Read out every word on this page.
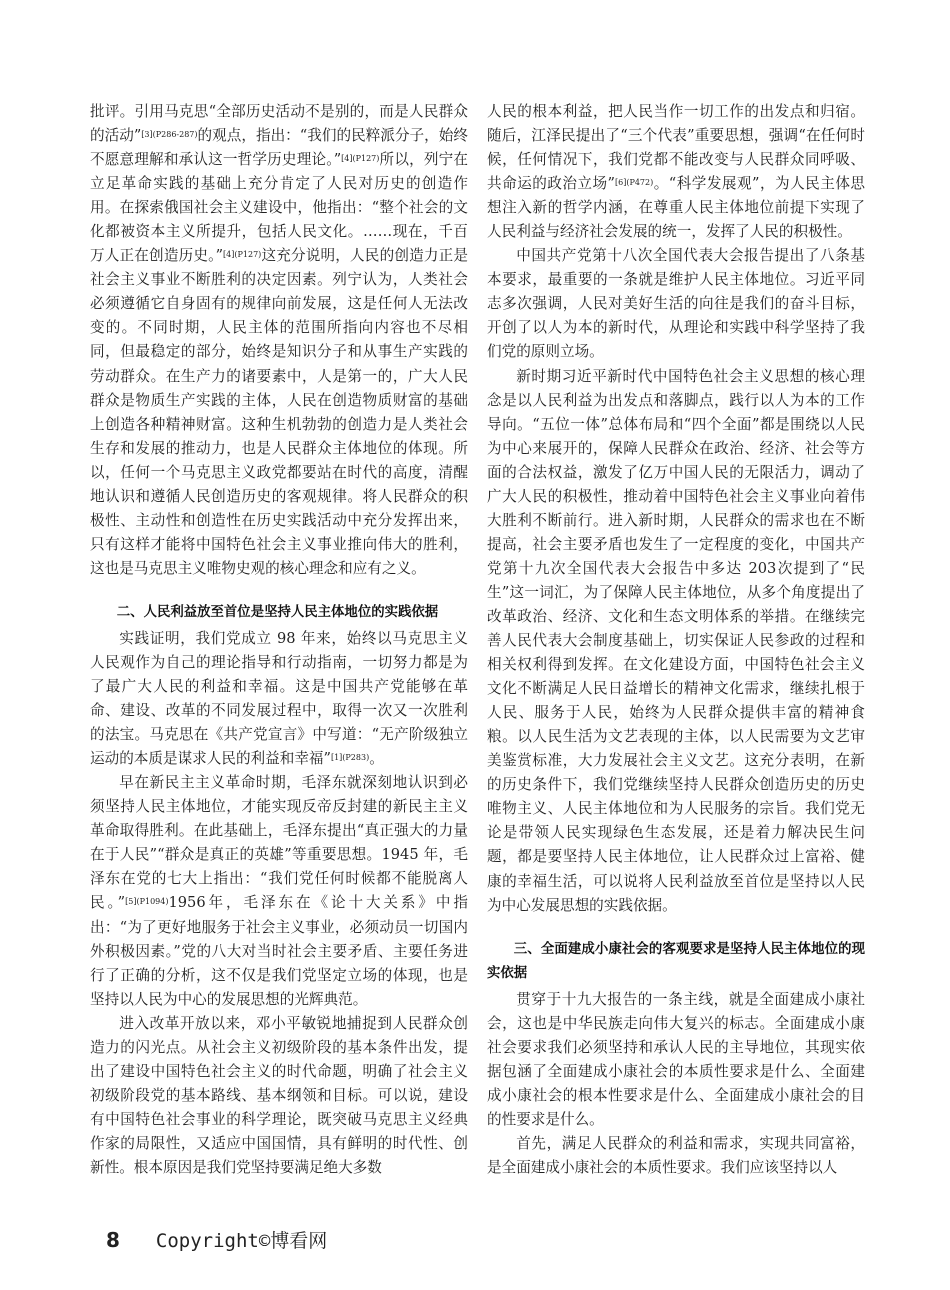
批评。引用马克思“全部历史活动不是别的，而是人民群众的活动”$^{[3](P286-287)}$的观点，指出：“我们的民粹派分子，始终不愿意理解和承认这一哲学历史理论。”$^{[4](P127)}$所以，列宁在立足革命实践的基础上充分肯定了人民对历史的创造作用。在探索俄国社会主义建设中，他指出：“整个社会的文化都被资本主义所提升，包括人民文化。……现在，千百万人正在创造历史。”$^{[4](P127)}$这充分说明，人民的创造力正是社会主义事业不断胜利的决定因素。列宁认为，人类社会必须遵循它自身固有的规律向前发展，这是任何人无法改变的。不同时期，人民主体的范围所指向内容也不尽相同，但最稳定的部分，始终是知识分子和从事生产实践的劳动群众。在生产力的诸要素中，人是第一的，广大人民群众是物质生产实践的主体，人民在创造物质财富的基础上创造各种精神财富。这种生机勃勃的创造力是人类社会生存和发展的推动力，也是人民群众主体地位的体现。所以，任何一个马克思主义政党都要站在时代的高度，清醒地认识和遵循人民创造历史的客观规律。将人民群众的积极性、主动性和创造性在历史实践活动中充分发挥出来，只有这样才能将中国特色社会主义事业推向伟大的胜利，这也是马克思主义唯物史观的核心理念和应有之义。

二、人民利益放至首位是坚持人民主体地位的实践依据

实践证明，我们党成立 98 年来，始终以马克思主义人民观作为自己的理论指导和行动指南，一切努力都是为了最广大人民的利益和幸福。这是中国共产党能够在革命、建设、改革的不同发展过程中，取得一次又一次胜利的法宝。马克思在《共产党宣言》中写道：“无产阶级独立运动的本质是谋求人民的利益和幸福”$^{[1](P283)}$。

早在新民主主义革命时期，毛泽东就深刻地认识到必须坚持人民主体地位，才能实现反帝反封建的新民主主义革命取得胜利。在此基础上，毛泽东提出“真正强大的力量在于人民”“群众是真正的英雄”等重要思想。1945 年，毛泽东在党的七大上指出：“我们党任何时候都不能脱离人民。”$^{[5](P1094)}$1956年，毛泽东在《论十大关系》中指出：“为了更好地服务于社会主义事业，必须动员一切国内外积极因素。”党的八大对当时社会主要矛盾、主要任务进行了正确的分析，这不仅是我们党坚定立场的体现，也是坚持以人民为中心的发展思想的光辉典范。

进入改革开放以来，邓小平敏锐地捕捉到人民群众创造力的闪光点。从社会主义初级阶段的基本条件出发，提出了建设中国特色社会主义的时代命题，明确了社会主义初级阶段党的基本路线、基本纲领和目标。可以说，建设有中国特色社会事业的科学理论，既突破马克思主义经典作家的局限性，又适应中国国情，具有鲜明的时代性、创新性。根本原因是我们党坚持要满足绝大多数

人民的根本利益，把人民当作一切工作的出发点和归宿。随后，江泽民提出了“三个代表”重要思想，强调“在任何时候，任何情况下，我们党都不能改变与人民群众同呼吸、共命运的政治立场”$^{[6](P472)}$。“科学发展观”，为人民主体思想注入新的哲学内涵，在尊重人民主体地位前提下实现了人民利益与经济社会发展的统一，发挥了人民的积极性。

中国共产党第十八次全国代表大会报告提出了八条基本要求，最重要的一条就是维护人民主体地位。习近平同志多次强调，人民对美好生活的向往是我们的奋斗目标，开创了以人为本的新时代，从理论和实践中科学坚持了我们党的原则立场。

新时期习近平新时代中国特色社会主义思想的核心理念是以人民利益为出发点和落脚点，践行以人为本的工作导向。“五位一体”总体布局和“四个全面”都是围绕以人民为中心来展开的，保障人民群众在政治、经济、社会等方面的合法权益，激发了亿万中国人民的无限活力，调动了广大人民的积极性，推动着中国特色社会主义事业向着伟大胜利不断前行。进入新时期，人民群众的需求也在不断提高，社会主要矛盾也发生了一定程度的变化，中国共产党第十九次全国代表大会报告中多达 203次提到了“民生”这一词汇，为了保障人民主体地位，从多个角度提出了改革政治、经济、文化和生态文明体系的举措。在继续完善人民代表大会制度基础上，切实保证人民参政的过程和相关权利得到发挥。在文化建设方面，中国特色社会主义文化不断满足人民日益增长的精神文化需求，继续扎根于人民、服务于人民，始终为人民群众提供丰富的精神食粮。以人民生活为文艺表现的主体，以人民需要为文艺审美鉴赏标准，大力发展社会主义文艺。这充分表明，在新的历史条件下，我们党继续坚持人民群众创造历史的历史唯物主义、人民主体地位和为人民服务的宗旨。我们党无论是带领人民实现绿色生态发展，还是着力解决民生问题，都是要坚持人民主体地位，让人民群众过上富裕、健康的幸福生活，可以说将人民利益放至首位是坚持以人民为中心发展思想的实践依据。

三、全面建成小康社会的客观要求是坚持人民主体地位的现实依据

贯穿于十九大报告的一条主线，就是全面建成小康社会，这也是中华民族走向伟大复兴的标志。全面建成小康社会要求我们必须坚持和承认人民的主导地位，其现实依据包涵了全面建成小康社会的本质性要求是什么、全面建成小康社会的根本性要求是什么、全面建成小康社会的目的性要求是什么。

首先，满足人民群众的利益和需求，实现共同富裕，是全面建成小康社会的本质性要求。我们应该坚持以人

8 Copyright©博看网
